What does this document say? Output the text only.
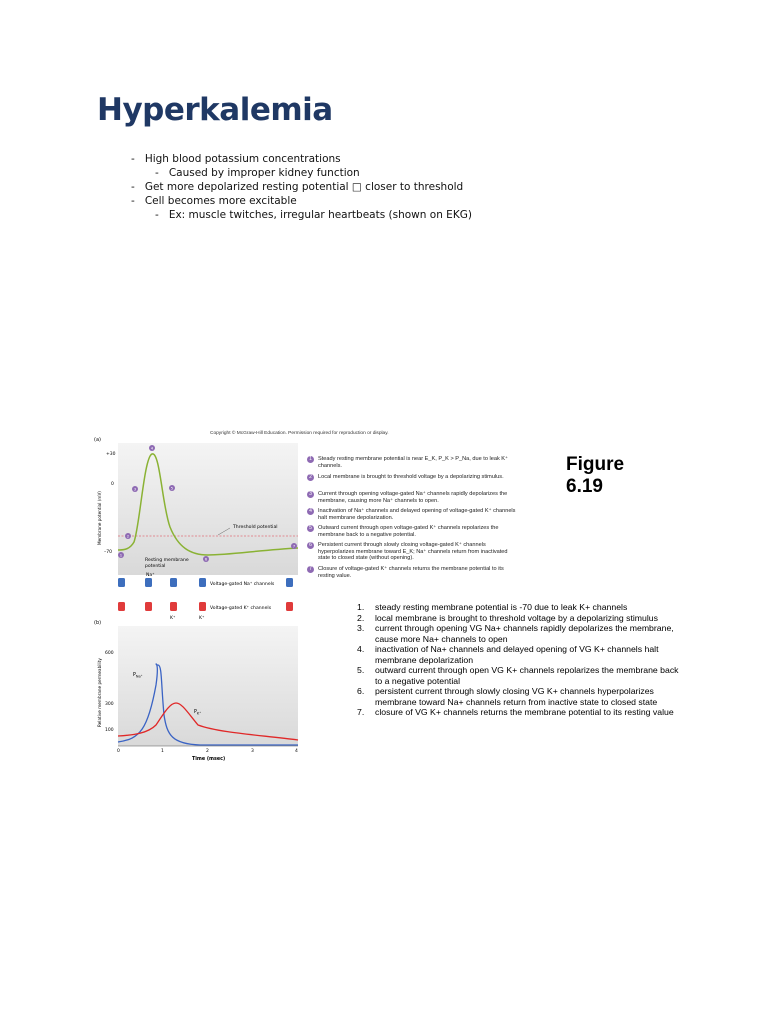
Hyperkalemia
-   High blood potassium concentrations
-   Caused by improper kidney function
-   Get more depolarized resting potential □ closer to threshold
-   Cell becomes more excitable
-   Ex: muscle twitches, irregular heartbeats (shown on EKG)
(a)
Membrane potential (mV)
+30
0
–70
Threshold potential
Resting membrane
potential
1
2
3
4
5
6
7
Na⁺
Voltage-gated Na⁺ channels
Voltage-gated K⁺ channels
K⁺	K⁺
(b)
Relative membrane permeability
600
300
100
$P_{Na^+}$
$P_{K^+}$
0	1	2	3	4
Time (msec)
Copyright © McGraw-Hill Education. Permission required for reproduction or display.
1	Steady resting membrane potential is near E_K, P_K > P_Na, due to leak K⁺ channels.
2	Local membrane is brought to threshold voltage by a depolarizing stimulus.
3	Current through opening voltage-gated Na⁺ channels rapidly depolarizes the membrane, causing more Na⁺ channels to open.
4	Inactivation of Na⁺ channels and delayed opening of voltage-gated K⁺ channels halt membrane depolarization.
5	Outward current through open voltage-gated K⁺ channels repolarizes the membrane back to a negative potential.
6	Persistent current through slowly closing voltage-gated K⁺ channels hyperpolarizes membrane toward E_K; Na⁺ channels return from inactivated state to closed state (without opening).
7	Closure of voltage-gated K⁺ channels returns the membrane potential to its resting value.
Figure 6.19
1. steady resting membrane potential is -70 due to leak K+ channels
2. local membrane is brought to threshold voltage by a depolarizing stimulus
3. current through opening VG Na+ channels rapidly depolarizes the membrane, cause more Na+ channels to open
4. inactivation of Na+ channels and delayed opening of VG K+ channels halt membrane depolarization
5. outward current through open VG K+ channels repolarizes the membrane back to a negative potential
6. persistent current through slowly closing VG K+ channels hyperpolarizes membrane toward Na+ channels return from inactive state to closed state
7. closure of VG K+ channels returns the membrane potential to its resting value
